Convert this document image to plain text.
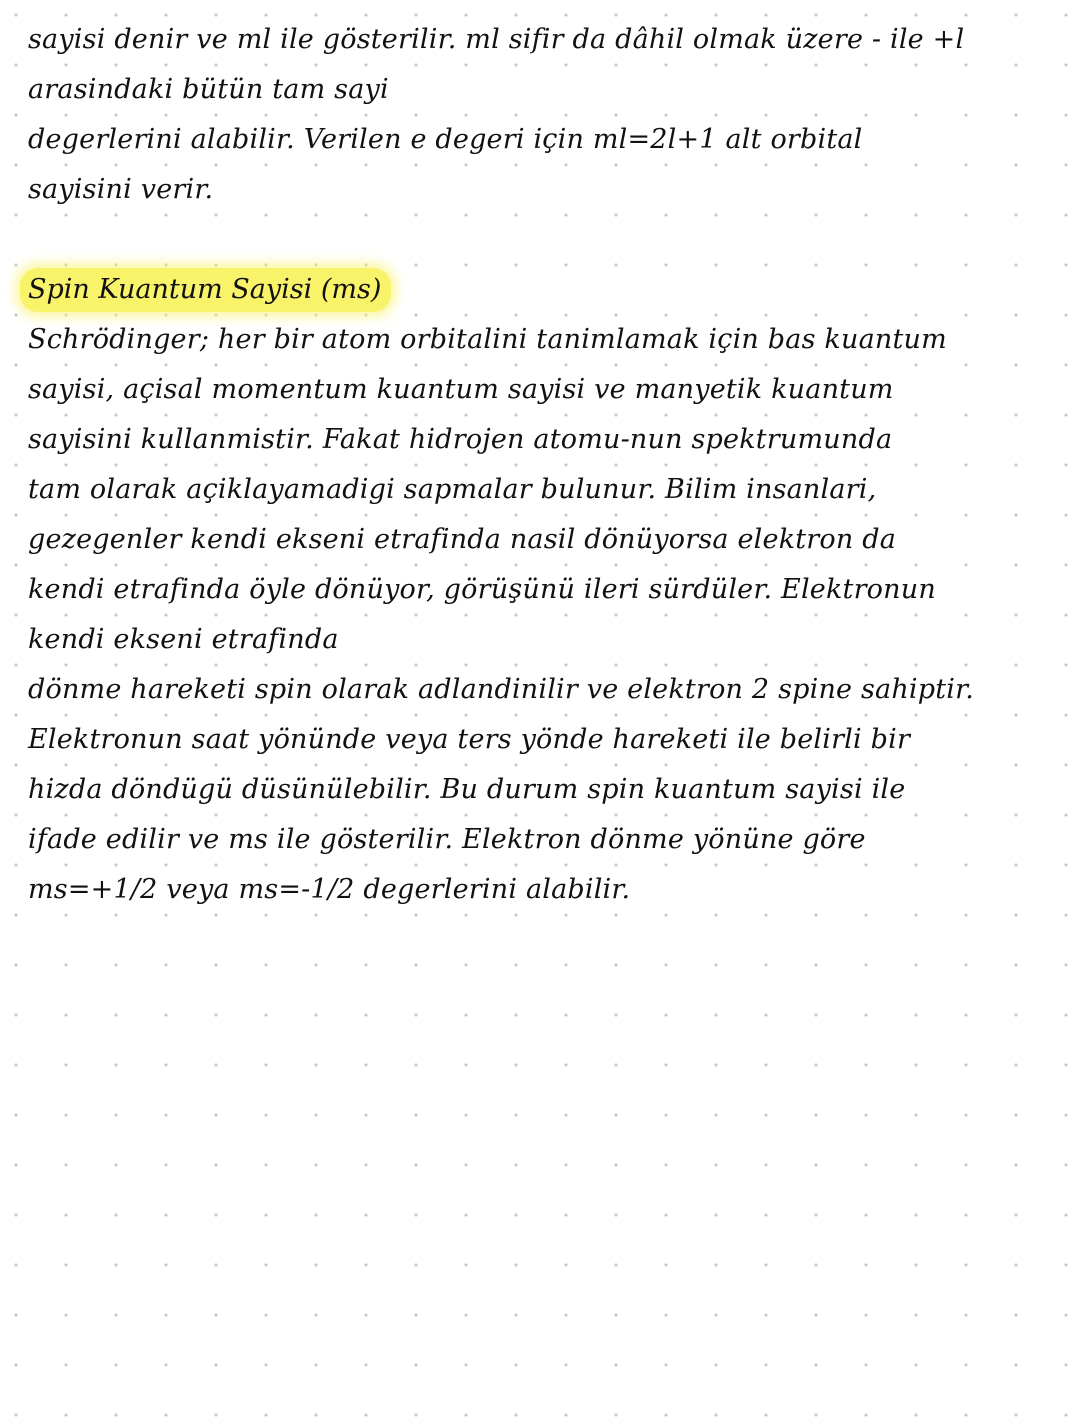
sayisi denir ve ml ile gösterilir. ml sifir da dâhil olmak üzere - ile +l
arasindaki bütün tam sayi
degerlerini alabilir. Verilen e degeri için ml=2l+1 alt orbital
sayisini verir.
Spin Kuantum Sayisi (ms)
Schrödinger; her bir atom orbitalini tanimlamak için bas kuantum
sayisi, açisal momentum kuantum sayisi ve manyetik kuantum
sayisini kullanmistir. Fakat hidrojen atomu-nun spektrumunda
tam olarak açiklayamadigi sapmalar bulunur. Bilim insanlari,
gezegenler kendi ekseni etrafinda nasil dönüyorsa elektron da
kendi etrafinda öyle dönüyor, görüşünü ileri sürdüler. Elektronun
kendi ekseni etrafinda
dönme hareketi spin olarak adlandinilir ve elektron 2 spine sahiptir.
Elektronun saat yönünde veya ters yönde hareketi ile belirli bir
hizda döndügü düsünülebilir. Bu durum spin kuantum sayisi ile
ifade edilir ve ms ile gösterilir. Elektron dönme yönüne göre
ms=+1/2 veya ms=-1/2 degerlerini alabilir.
